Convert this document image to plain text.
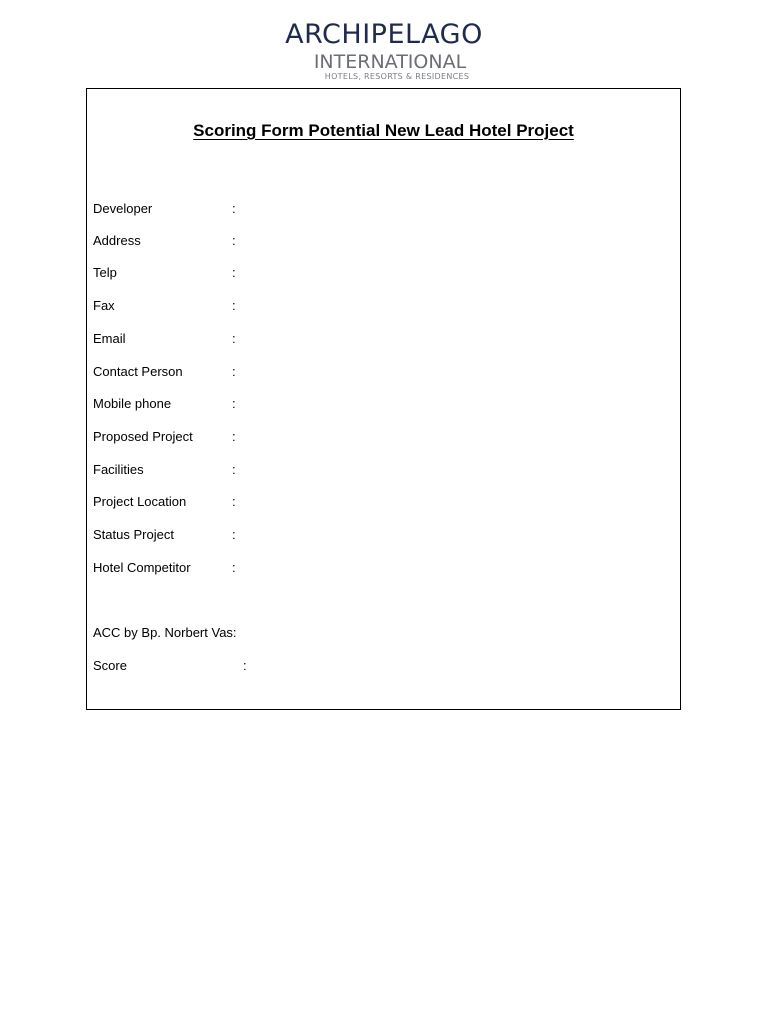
ARCHIPELAGO
INTERNATIONAL
HOTELS, RESORTS & RESIDENCES
Scoring Form Potential New Lead Hotel Project
Developer	:
Address	:
Telp	:
Fax	:
Email	:
Contact Person	:
Mobile phone	:
Proposed Project	:
Facilities	:
Project Location	:
Status Project	:
Hotel Competitor	:
ACC by Bp. Norbert Vas:
Score	:
